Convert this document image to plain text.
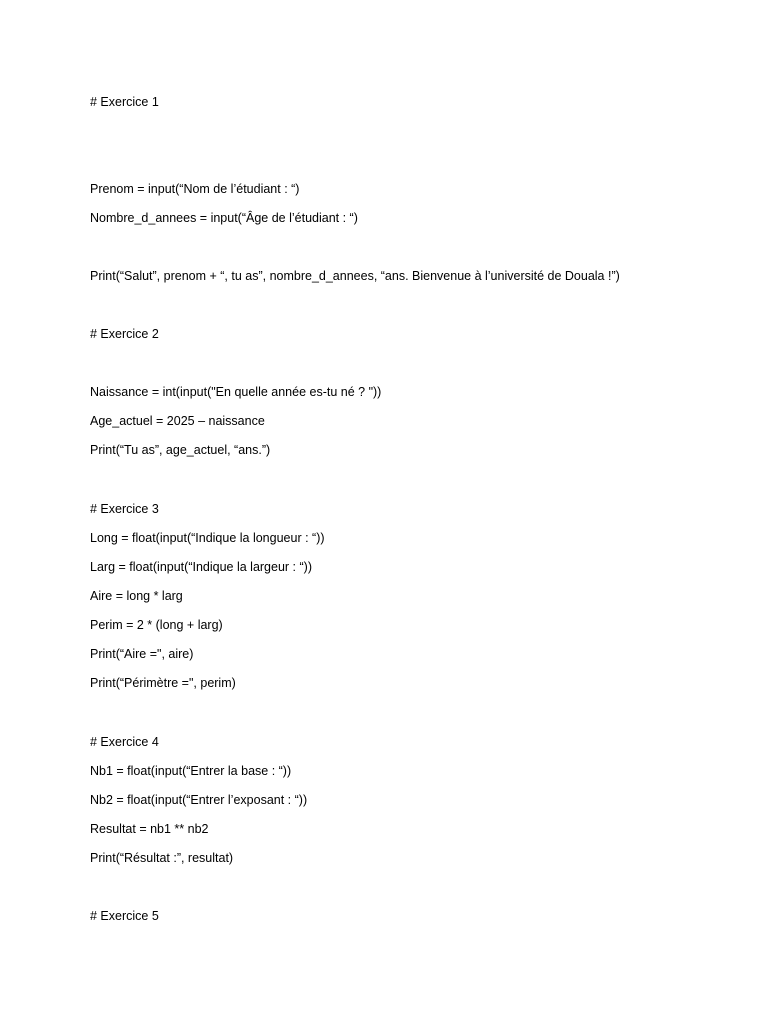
# Exercice 1

Prenom = input(“Nom de l’étudiant : “)

Nombre_d_annees = input(“Âge de l’étudiant : “)

Print(“Salut”, prenom + “, tu as”, nombre_d_annees, “ans. Bienvenue à l’université de Douala !”)

# Exercice 2

Naissance = int(input("En quelle année es-tu né ? "))

Age_actuel = 2025 – naissance

Print(“Tu as”, age_actuel, “ans.”)

# Exercice 3

Long = float(input(“Indique la longueur : “))

Larg = float(input(“Indique la largeur : “))

Aire = long * larg

Perim = 2 * (long + larg)

Print(“Aire =", aire)

Print(“Périmètre =", perim)

# Exercice 4

Nb1 = float(input(“Entrer la base : “))

Nb2 = float(input(“Entrer l’exposant : “))

Resultat = nb1 ** nb2

Print(“Résultat :”, resultat)

# Exercice 5
